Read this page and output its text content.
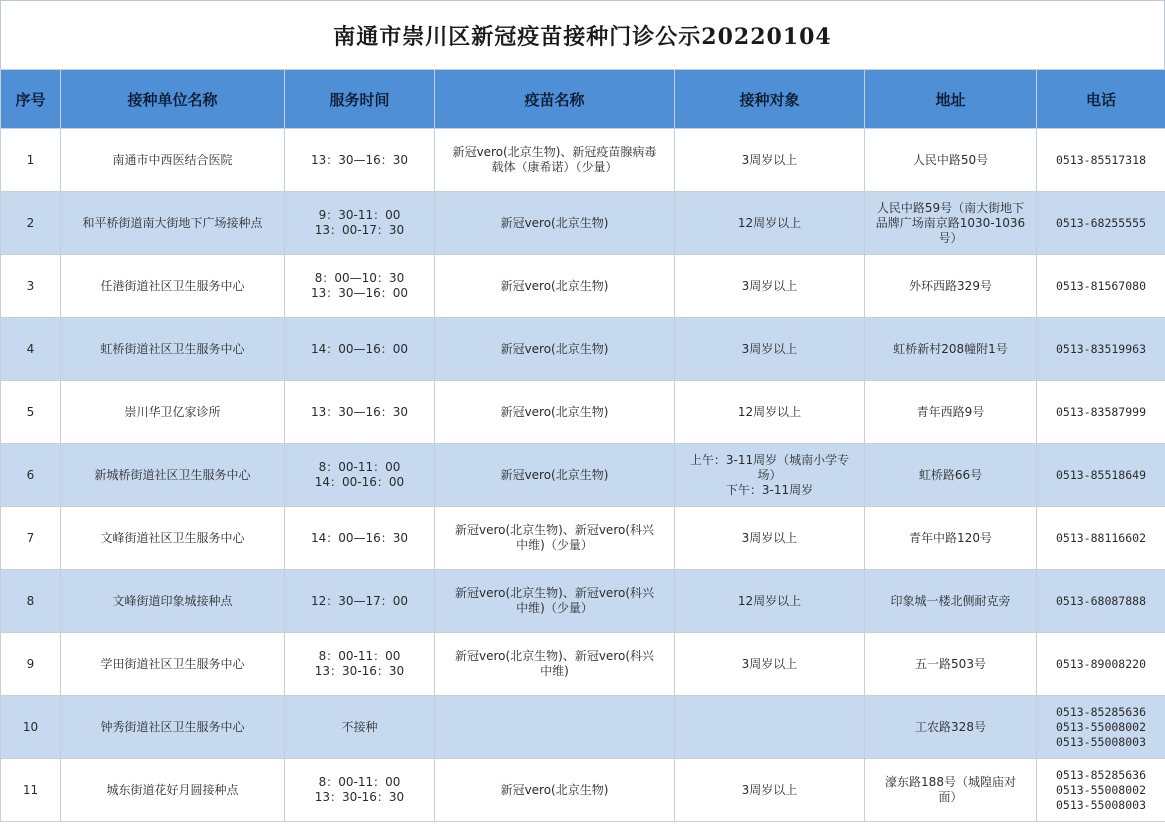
南通市崇川区新冠疫苗接种门诊公示20220104
序号	接种单位名称	服务时间	疫苗名称	接种对象	地址	电话
1	南通市中西医结合医院	13：30—16：30	新冠vero(北京生物)、新冠疫苗腺病毒
载体（康希诺）（少量）	3周岁以上	人民中路50号	0513-85517318
2	和平桥街道南大街地下广场接种点	9：30-11：00
13：00-17：30	新冠vero(北京生物)	12周岁以上	人民中路59号（南大街地下
品牌广场南京路1030-1036
号）	0513-68255555
3	任港街道社区卫生服务中心	8：00—10：30
13：30—16：00	新冠vero(北京生物)	3周岁以上	外环西路329号	0513-81567080
4	虹桥街道社区卫生服务中心	14：00—16：00	新冠vero(北京生物)	3周岁以上	虹桥新村208幢附1号	0513-83519963
5	崇川华卫亿家诊所	13：30—16：30	新冠vero(北京生物)	12周岁以上	青年西路9号	0513-83587999
6	新城桥街道社区卫生服务中心	8：00-11：00
14：00-16：00	新冠vero(北京生物)	上午：3-11周岁（城南小学专
场）
下午：3-11周岁	虹桥路66号	0513-85518649
7	文峰街道社区卫生服务中心	14：00—16：30	新冠vero(北京生物)、新冠vero(科兴
中维)（少量）	3周岁以上	青年中路120号	0513-88116602
8	文峰街道印象城接种点	12：30—17：00	新冠vero(北京生物)、新冠vero(科兴
中维)（少量）	12周岁以上	印象城一楼北侧耐克旁	0513-68087888
9	学田街道社区卫生服务中心	8：00-11：00
13：30-16：30	新冠vero(北京生物)、新冠vero(科兴
中维)	3周岁以上	五一路503号	0513-89008220
10	钟秀街道社区卫生服务中心	不接种			工农路328号	0513-85285636
0513-55008002
0513-55008003
11	城东街道花好月圆接种点	8：00-11：00
13：30-16：30	新冠vero(北京生物)	3周岁以上	濠东路188号（城隍庙对
面）	0513-85285636
0513-55008002
0513-55008003
